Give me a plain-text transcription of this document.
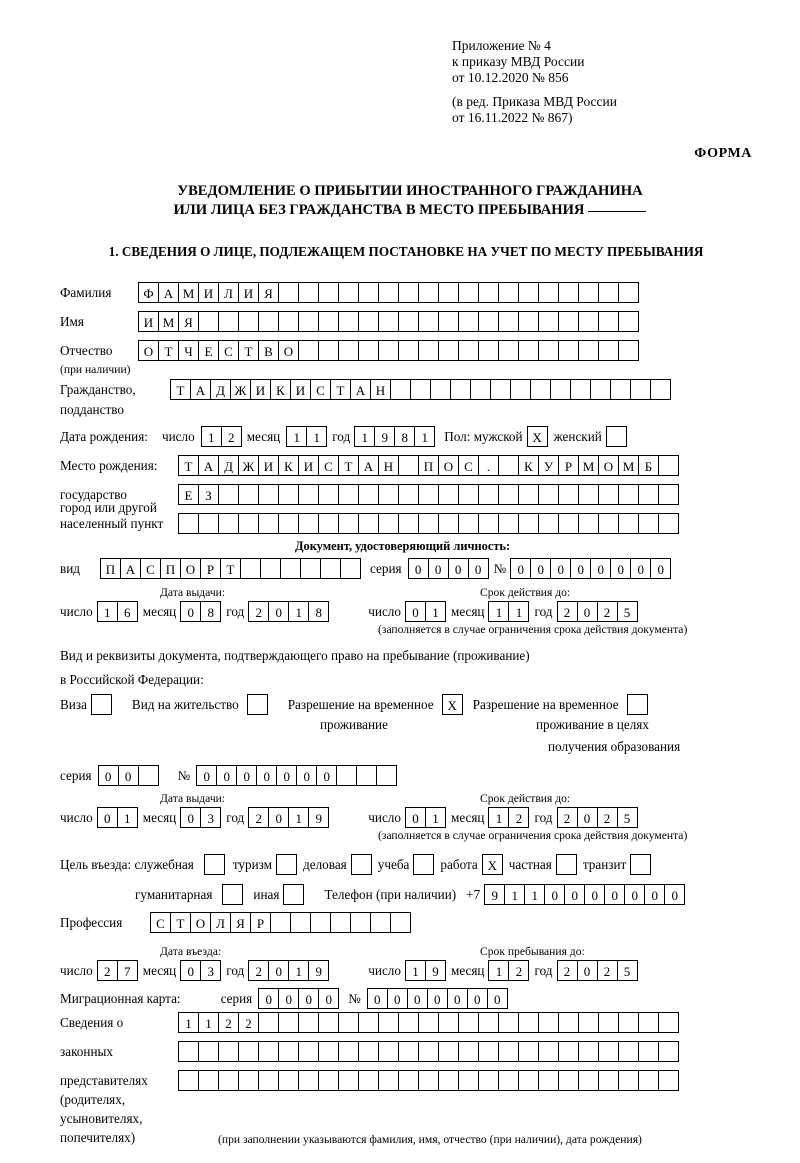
Приложение № 4
к приказу МВД России
от 10.12.2020 № 856
(в ред. Приказа МВД России
от 16.11.2022 № 867)
ФОРМА
УВЕДОМЛЕНИЕ О ПРИБЫТИИ ИНОСТРАННОГО ГРАЖДАНИНА
ИЛИ ЛИЦА БЕЗ ГРАЖДАНСТВА В МЕСТО ПРЕБЫВАНИЯ
1. СВЕДЕНИЯ О ЛИЦЕ, ПОДЛЕЖАЩЕМ ПОСТАНОВКЕ НА УЧЕТ ПО МЕСТУ ПРЕБЫВАНИЯ
Фамилия	Ф А М И Л И Я
Имя	И М Я
Отчество	О Т Ч Е С Т В О
(при наличии)
Гражданство,	Т А Д Ж И К И С Т А Н
подданство
Дата рождения: число	1	2 месяц	1	1 год 1	9	8	1	Пол: мужской X женский
Место рождения:	Т А Д Ж И К И С Т А Н	П О С	.	К У Р М О М Б
государство	Е З
город или другой
населенный пункт
Документ, удостоверяющий личность:
вид	П А С П О Р Т	серия	0	0	0	0 № 0	0	0	0	0	0	0	0
Дата выдачи:	Срок действия до:
число 1	6 месяц 0	8 год 2	0	1	8	число 0	1 месяц 1	1 год 2	0	2	5
(заполняется в случае ограничения срока действия документа)
Вид и реквизиты документа, подтверждающего право на пребывание (проживание)
в Российской Федерации:
Виза	Вид на жительство	Разрешение на временное	X	Разрешение на временное
проживание	проживание в целях
получения образования
серия	0	0	№	0	0	0	0	0	0	0
Дата выдачи:	Срок действия до:
число 0	1 месяц 0	3 год 2	0	1	9	число 0	1 месяц 1	2 год 2	0	2	5
(заполняется в случае ограничения срока действия документа)
Цель въезда: служебная	туризм деловая учеба работа X частная транзит
гуманитарная	иная	Телефон (при наличии) +7 9	1	1	0	0	0	0	0	0	0
Профессия	С Т О Л Я Р
Дата въезда:	Срок пребывания до:
число 2	7 месяц 0	3 год 2	0	1	9	число 1	9 месяц 1	2 год 2	0	2	5
Миграционная карта:	серия	0	0	0	0	№	0	0	0	0	0	0	0
Сведения о	1	1	2	2
законных
представителях
(родителях,
усыновителях,
попечителях)	(при заполнении указываются фамилия, имя, отчество (при наличии), дата рождения)
